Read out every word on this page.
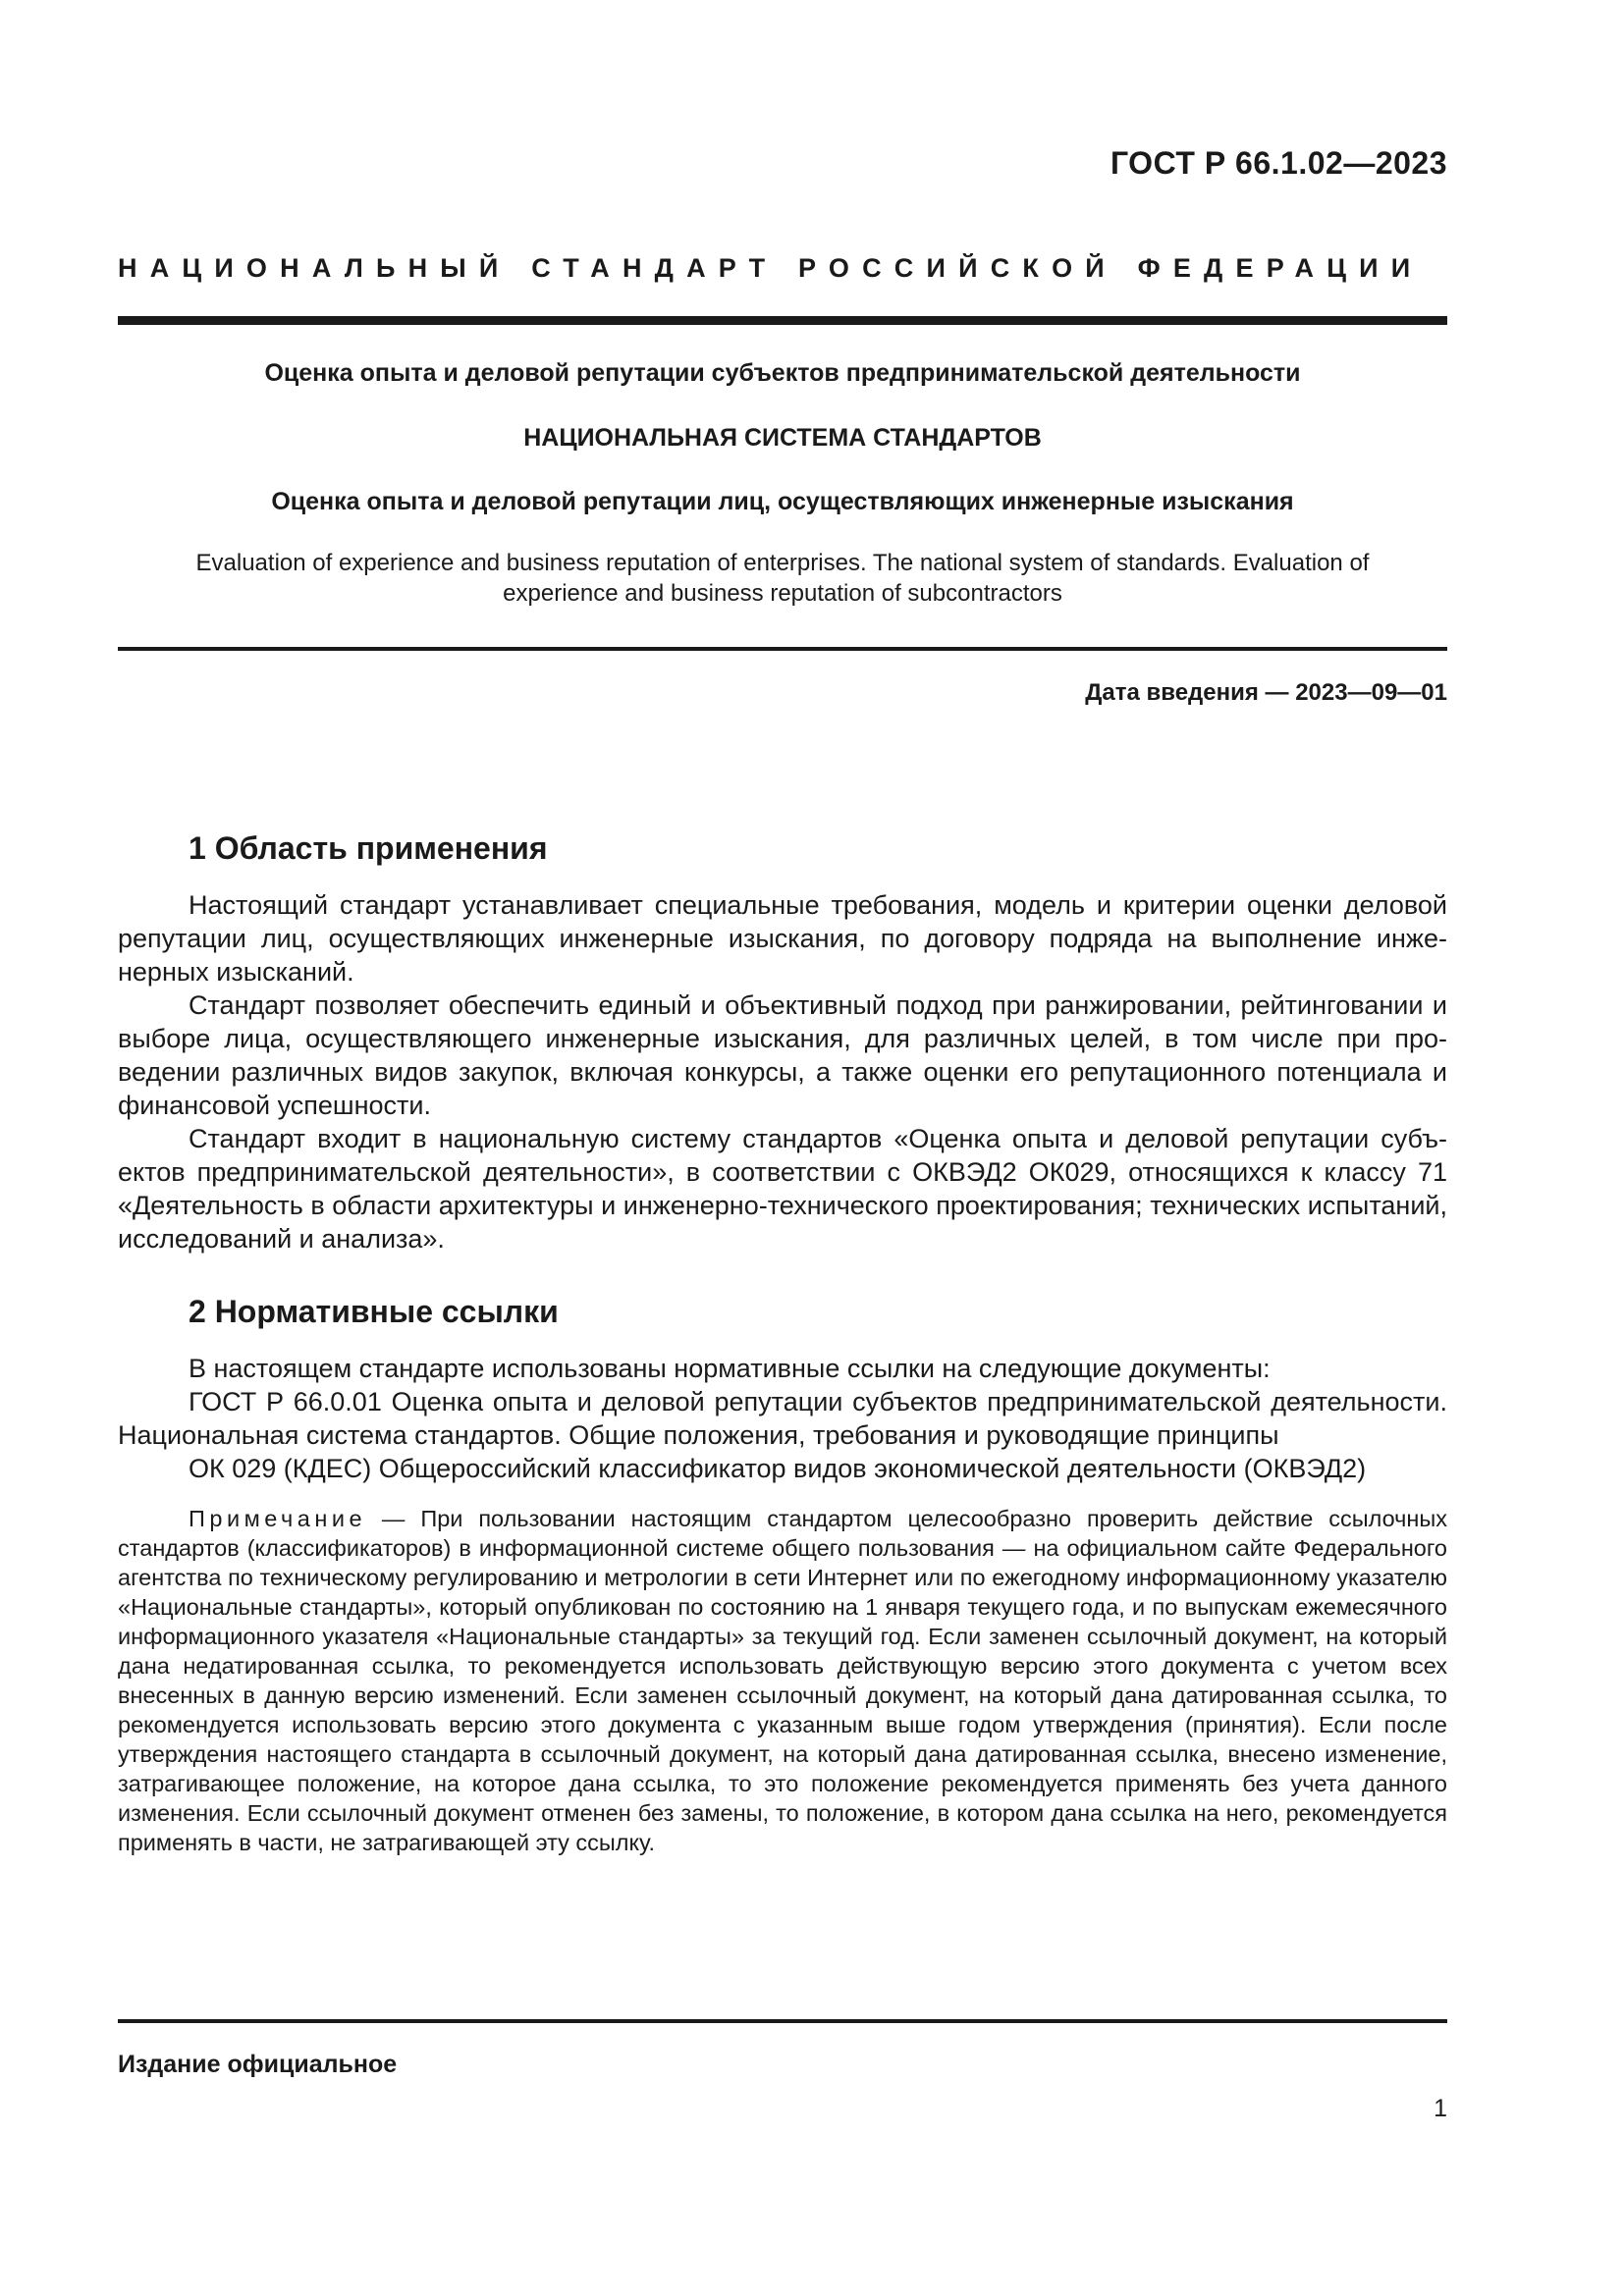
ГОСТ Р 66.1.02—2023
НАЦИОНАЛЬНЫЙ СТАНДАРТ РОССИЙСКОЙ ФЕДЕРАЦИИ
Оценка опыта и деловой репутации субъектов предпринимательской деятельности
НАЦИОНАЛЬНАЯ СИСТЕМА СТАНДАРТОВ
Оценка опыта и деловой репутации лиц, осуществляющих инженерные изыскания
Evaluation of experience and business reputation of enterprises. The national system of standards. Evaluation of
experience and business reputation of subcontractors
Дата введения — 2023—09—01
1 Область применения

Настоящий стандарт устанавливает специальные требования, модель и критерии оценки деловой репутации лиц, осуществляющих инженерные изыскания, по договору подряда на выполнение инженерных изысканий.

Стандарт позволяет обеспечить единый и объективный подход при ранжировании, рейтинговании и выборе лица, осуществляющего инженерные изыскания, для различных целей, в том числе при проведении различных видов закупок, включая конкурсы, а также оценки его репутационного потенциала и финансовой успешности.

Стандарт входит в национальную систему стандартов «Оценка опыта и деловой репутации субъектов предпринимательской деятельности», в соответствии с ОКВЭД2 ОК029, относящихся к классу 71 «Деятельность в области архитектуры и инженерно-технического проектирования; технических испытаний, исследований и анализа».

2 Нормативные ссылки

В настоящем стандарте использованы нормативные ссылки на следующие документы:

ГОСТ Р 66.0.01 Оценка опыта и деловой репутации субъектов предпринимательской деятельности. Национальная система стандартов. Общие положения, требования и руководящие принципы

ОК 029 (КДЕС) Общероссийский классификатор видов экономической деятельности (ОКВЭД2)

Примечание — При пользовании настоящим стандартом целесообразно проверить действие ссылочных стандартов (классификаторов) в информационной системе общего пользования — на официальном сайте Федерального агентства по техническому регулированию и метрологии в сети Интернет или по ежегодному информационному указателю «Национальные стандарты», который опубликован по состоянию на 1 января текущего года, и по выпускам ежемесячного информационного указателя «Национальные стандарты» за текущий год. Если заменен ссылочный документ, на который дана недатированная ссылка, то рекомендуется использовать действующую версию этого документа с учетом всех внесенных в данную версию изменений. Если заменен ссылочный документ, на который дана датированная ссылка, то рекомендуется использовать версию этого документа с указанным выше годом утверждения (принятия). Если после утверждения настоящего стандарта в ссылочный документ, на который дана датированная ссылка, внесено изменение, затрагивающее положение, на которое дана ссылка, то это положение рекомендуется применять без учета данного изменения. Если ссылочный документ отменен без замены, то положение, в котором дана ссылка на него, рекомендуется применять в части, не затрагивающей эту ссылку.

Издание официальное
1
